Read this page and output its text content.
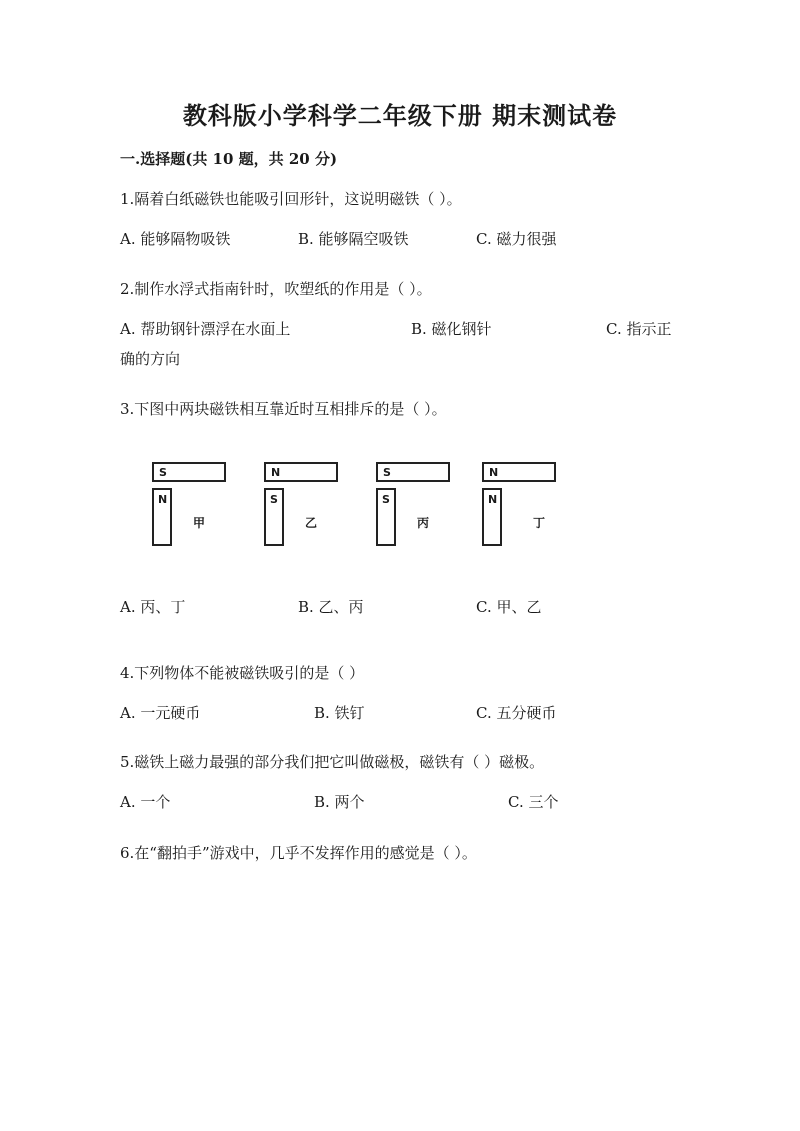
教科版小学科学二年级下册 期末测试卷
一.选择题(共 10 题，共 20 分)
1.隔着白纸磁铁也能吸引回形针，这说明磁铁（ ）。
A. 能够隔物吸铁	B. 能够隔空吸铁	C. 磁力很强
2.制作水浮式指南针时，吹塑纸的作用是（ ）。
A. 帮助钢针漂浮在水面上	B. 磁化钢针	C. 指示正
确的方向
3.下图中两块磁铁相互靠近时互相排斥的是（ ）。
S
N
甲
N
S
乙
S
S
丙
N
N
丁
A. 丙、丁	B. 乙、丙	C. 甲、乙
4.下列物体不能被磁铁吸引的是（ ）
A. 一元硬币	B. 铁钉	C. 五分硬币
5.磁铁上磁力最强的部分我们把它叫做磁极，磁铁有（ ）磁极。
A. 一个	B. 两个	C. 三个
6.在“翻拍手”游戏中，几乎不发挥作用的感觉是（ ）。
